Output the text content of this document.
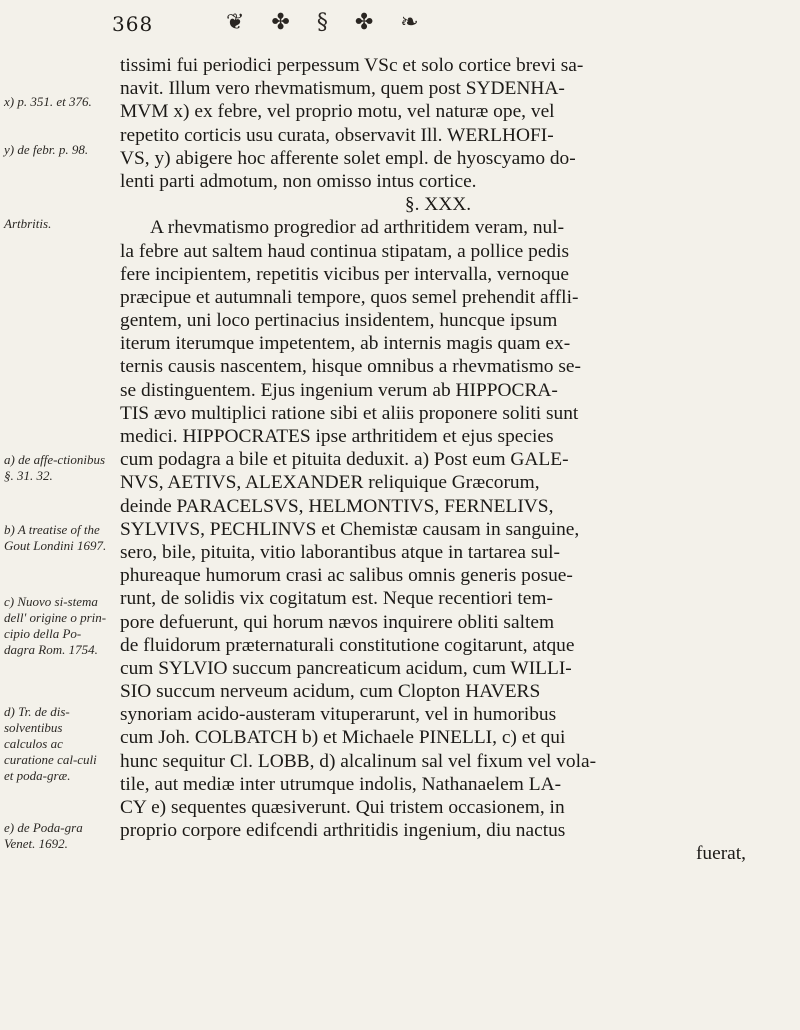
368	❦ ✤ § ✤ ❧
x) p. 351. et 376.
y) de febr. p. 98.
Artbritis.
a) de affe-ctionibus §. 31. 32.
b) A treatise of the Gout Londini 1697.
c) Nuovo si-stema dell' origine o prin-cipio della Po-dagra Rom. 1754.
d) Tr. de dis-solventibus calculos ac curatione cal-culi et poda-græ.
e) de Poda-gra Venet. 1692.
tissimi fui periodici perpessum VSc et solo cortice brevi sa-
navit. Illum vero rhevmatismum, quem post SYDENHA-
MVM x) ex febre, vel proprio motu, vel naturæ ope, vel
repetito corticis usu curata, observavit Ill. WERLHOFI-
VS, y) abigere hoc afferente solet empl. de hyoscyamo do-
lenti parti admotum, non omisso intus cortice.
§. XXX.
A rhevmatismo progredior ad arthritidem veram, nul-
la febre aut saltem haud continua stipatam, a pollice pedis
fere incipientem, repetitis vicibus per intervalla, vernoque
præcipue et autumnali tempore, quos semel prehendit affli-
gentem, uni loco pertinacius insidentem, huncque ipsum
iterum iterumque impetentem, ab internis magis quam ex-
ternis causis nascentem, hisque omnibus a rhevmatismo se-
se distinguentem. Ejus ingenium verum ab HIPPOCRA-
TIS ævo multiplici ratione sibi et aliis proponere soliti sunt
medici. HIPPOCRATES ipse arthritidem et ejus species
cum podagra a bile et pituita deduxit. a) Post eum GALE-
NVS, AETIVS, ALEXANDER reliquique Græcorum,
deinde PARACELSVS, HELMONTIVS, FERNELIVS,
SYLVIVS, PECHLINVS et Chemistæ causam in sanguine,
sero, bile, pituita, vitio laborantibus atque in tartarea sul-
phureaque humorum crasi ac salibus omnis generis posue-
runt, de solidis vix cogitatum est. Neque recentiori tem-
pore defuerunt, qui horum nævos inquirere obliti saltem
de fluidorum præternaturali constitutione cogitarunt, atque
cum SYLVIO succum pancreaticum acidum, cum WILLI-
SIO succum nerveum acidum, cum Clopton HAVERS
synoriam acido-austeram vituperarunt, vel in humoribus
cum Joh. COLBATCH b) et Michaele PINELLI, c) et qui
hunc sequitur Cl. LOBB, d) alcalinum sal vel fixum vel vola-
tile, aut mediæ inter utrumque indolis, Nathanaelem LA-
CY e) sequentes quæsiverunt. Qui tristem occasionem, in
proprio corpore edifcendi arthritidis ingenium, diu nactus
fuerat,
